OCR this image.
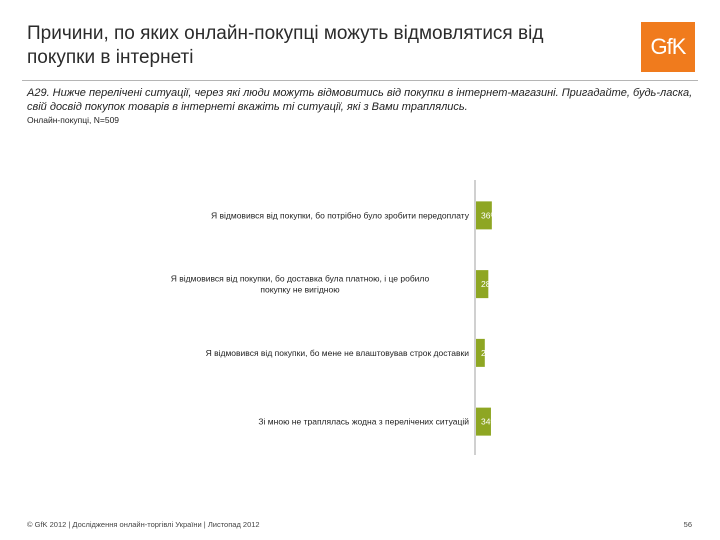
Причини, по яких онлайн-покупці можуть відмовлятися від покупки в інтернеті	GfK
A29. Нижче перелічені ситуації, через які люди можуть відмовитись від покупки в інтернет-магазині. Пригадайте, будь-ласка, свій досвід покупок товарів в інтернеті вкажіть ті ситуації, які з Вами траплялись.
Онлайн-покупці, N=509
36%
Я відмовився від покупки, бо потрібно було зробити передоплату
28
Я відмовився від покупки, бо доставка була платною, і це робило покупку не вигідною
20
Я відмовився від покупки, бо мене не влаштовував строк доставки
34%
Зі мною не траплялась жодна з перелічених ситуацій
© GfK 2012 | Дослідження онлайн-торгівлі України | Листопад 2012	56
